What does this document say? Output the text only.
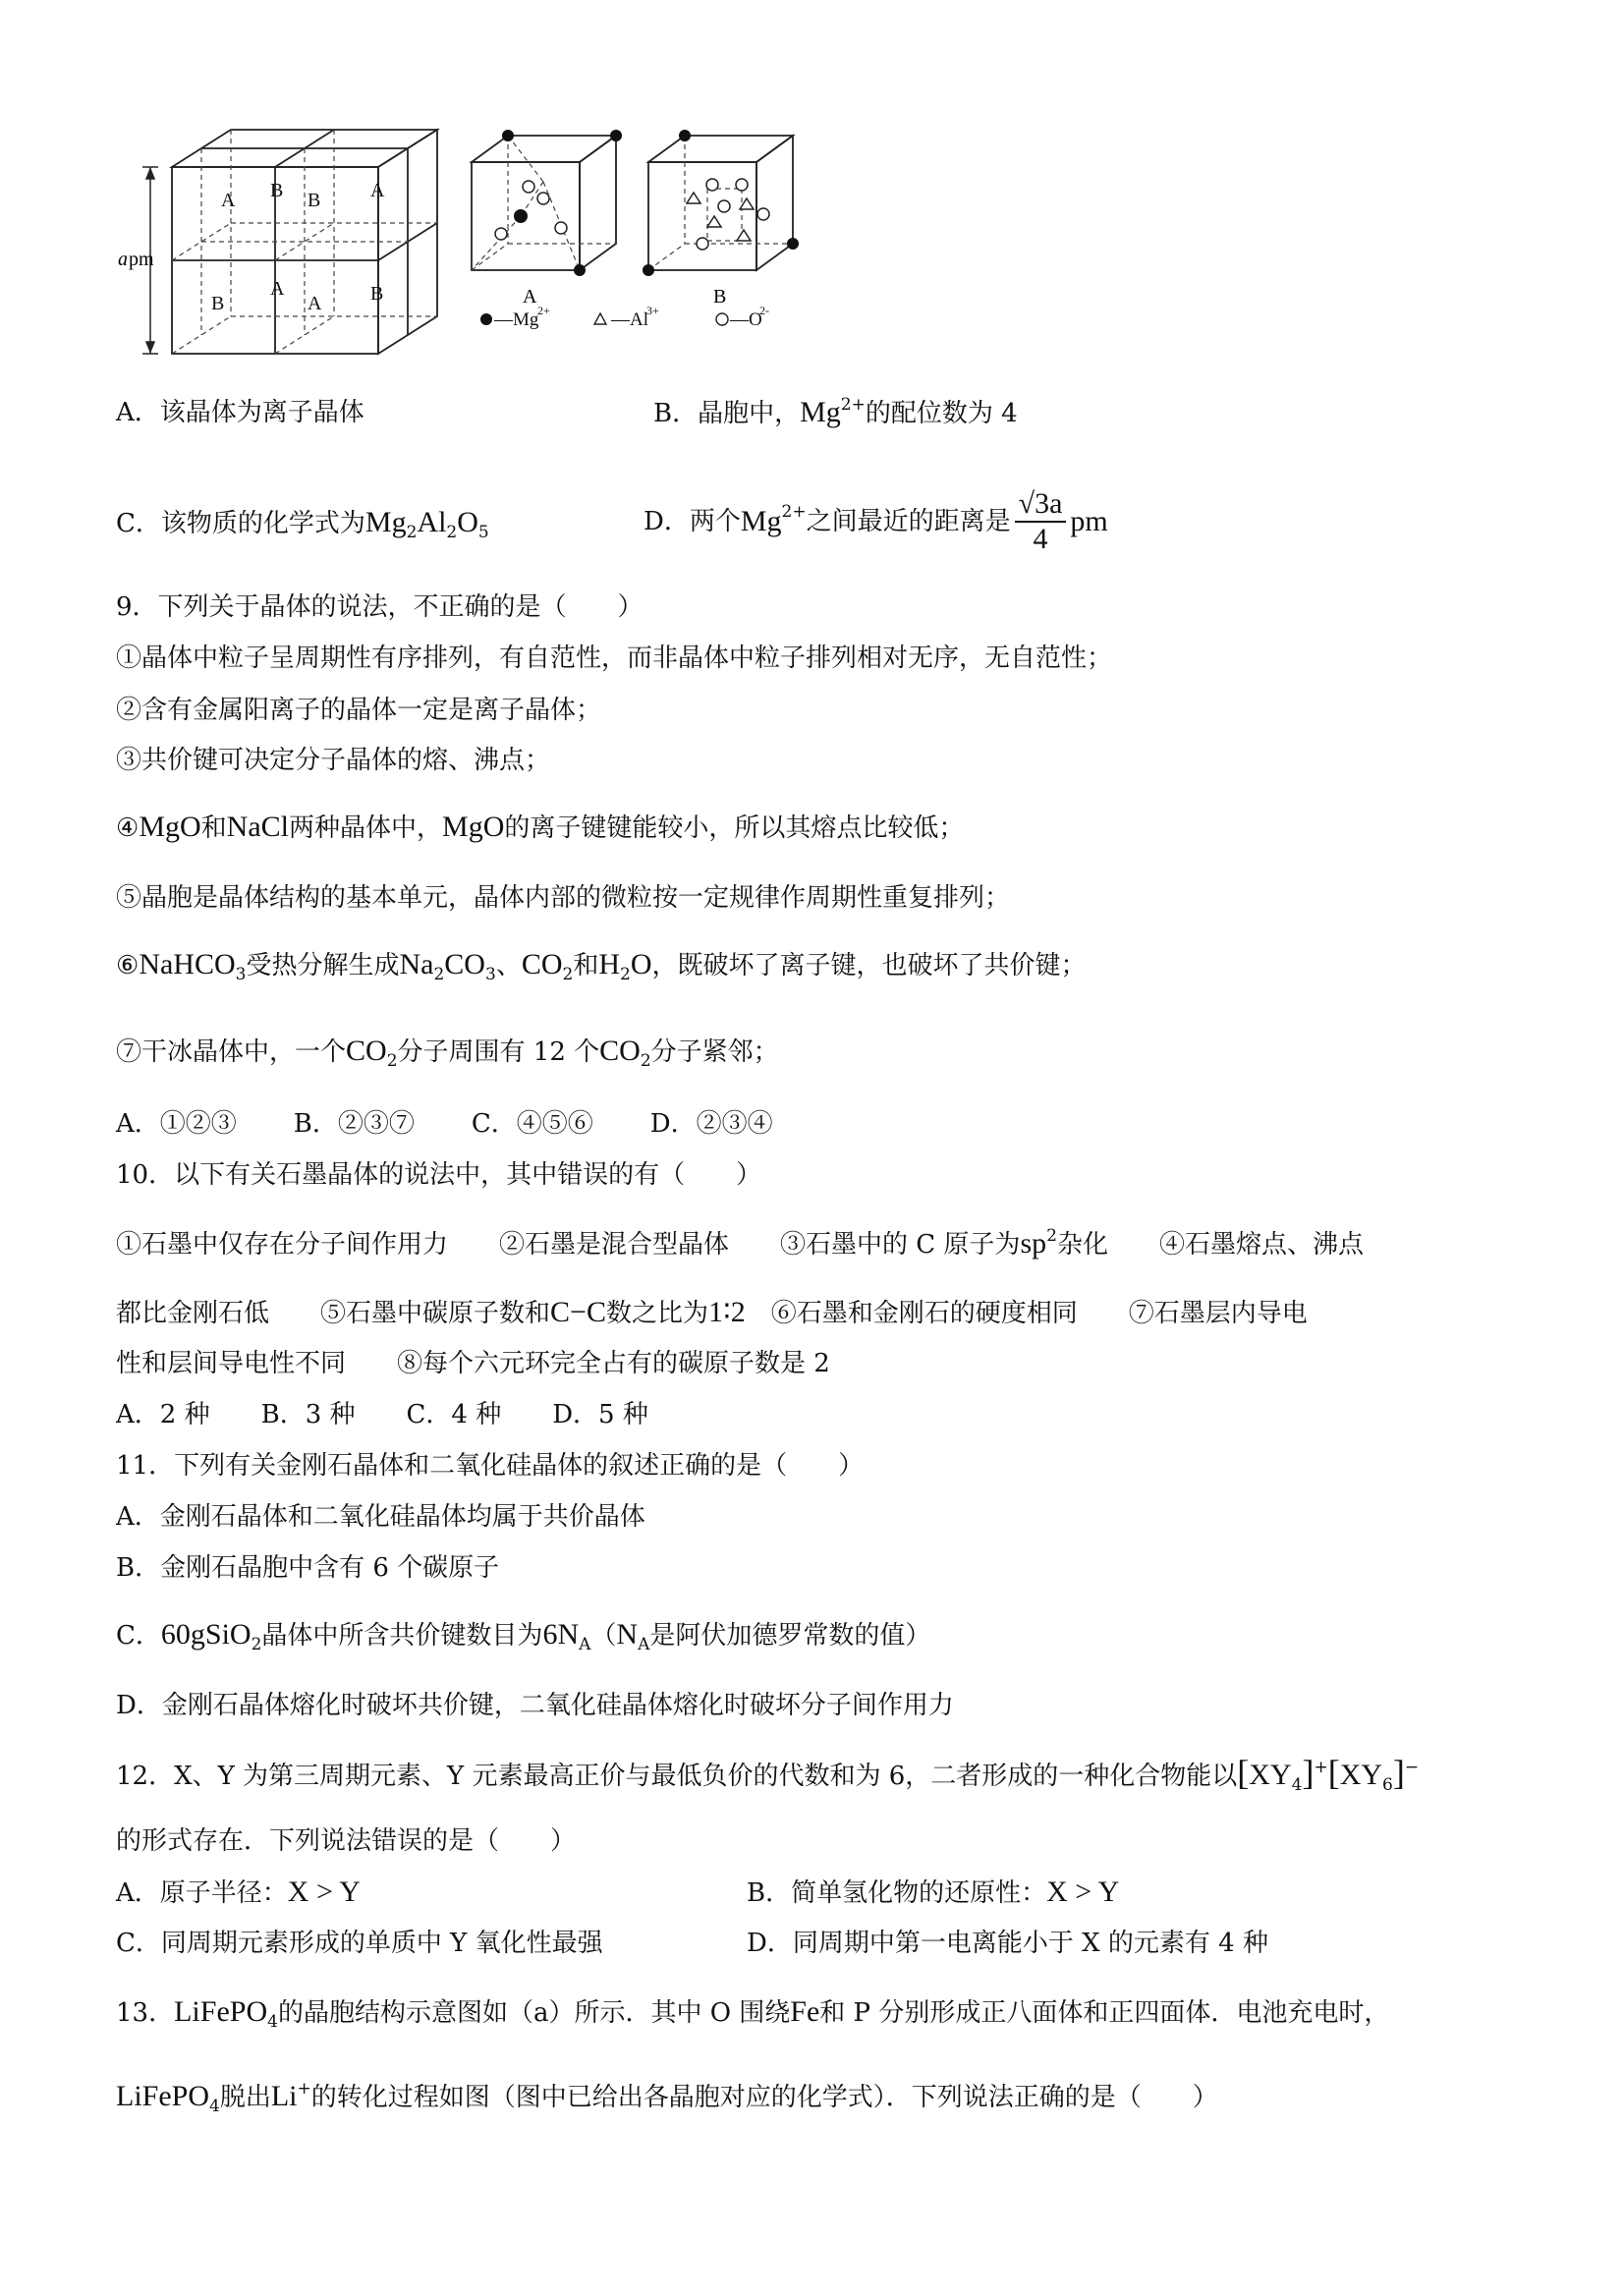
a pm
A B B	A
B
A
A B	A	B
—Mg
2+	—Al
3+	—O
2-
A．该晶体为离子晶体	B．晶胞中，$Mg^{2+}$的配位数为 4
C．该物质的化学式为$Mg_2Al_2O_5$	D．两个$Mg^{2+}$之间最近的距离是 $\frac{√3a}{4}$ pm
9．下列关于晶体的说法，不正确的是（　　）
①晶体中粒子呈周期性有序排列，有自范性，而非晶体中粒子排列相对无序，无自范性；
②含有金属阳离子的晶体一定是离子晶体；
③共价键可决定分子晶体的熔、沸点；
④MgO和NaCl两种晶体中，MgO的离子键键能较小，所以其熔点比较低；
⑤晶胞是晶体结构的基本单元，晶体内部的微粒按一定规律作周期性重复排列；
⑥NaHCO$_3$受热分解生成$Na_2CO_3$、$CO_2$和$H_2O$，既破坏了离子键，也破坏了共价键；
⑦干冰晶体中，一个$CO_2$分子周围有 12 个$CO_2$分子紧邻；
A．①②③ B．②③⑦ C．④⑤⑥ D．②③④
10．以下有关石墨晶体的说法中，其中错误的有（　　）
①石墨中仅存在分子间作用力　　②石墨是混合型晶体　　③石墨中的 C 原子为$sp^2$杂化　　④石墨熔点、沸点
都比金刚石低　　⑤石墨中碳原子数和C−C数之比为1∶2　⑥石墨和金刚石的硬度相同　　⑦石墨层内导电
性和层间导电性不同　　⑧每个六元环完全占有的碳原子数是 2
A．2 种　　B．3 种　　C．4 种　　D．5 种
11．下列有关金刚石晶体和二氧化硅晶体的叙述正确的是（　　）
A．金刚石晶体和二氧化硅晶体均属于共价晶体
B．金刚石晶胞中含有 6 个碳原子
C．60gSiO$_2$晶体中所含共价键数目为$6N_A(N_A$是阿伏加德罗常数的值）
D．金刚石晶体熔化时破坏共价键，二氧化硅晶体熔化时破坏分子间作用力
12．X、Y 为第三周期元素、Y 元素最高正价与最低负价的代数和为 6，二者形成的一种化合物能以$[XY_4]^+[XY_6]^-$
的形式存在．下列说法错误的是（　　）
A．原子半径：X > Y	B．简单氢化物的还原性：X > Y
C．同周期元素形成的单质中 Y 氧化性最强	D．同周期中第一电离能小于 X 的元素有 4 种
13．LiFePO$_4$的晶胞结构示意图如（a）所示．其中 O 围绕Fe和 P 分别形成正八面体和正四面体．电池充电时，
LiFePO$_4$脱出Li+的转化过程如图（图中已给出各晶胞对应的化学式）．下列说法正确的是（　　）
